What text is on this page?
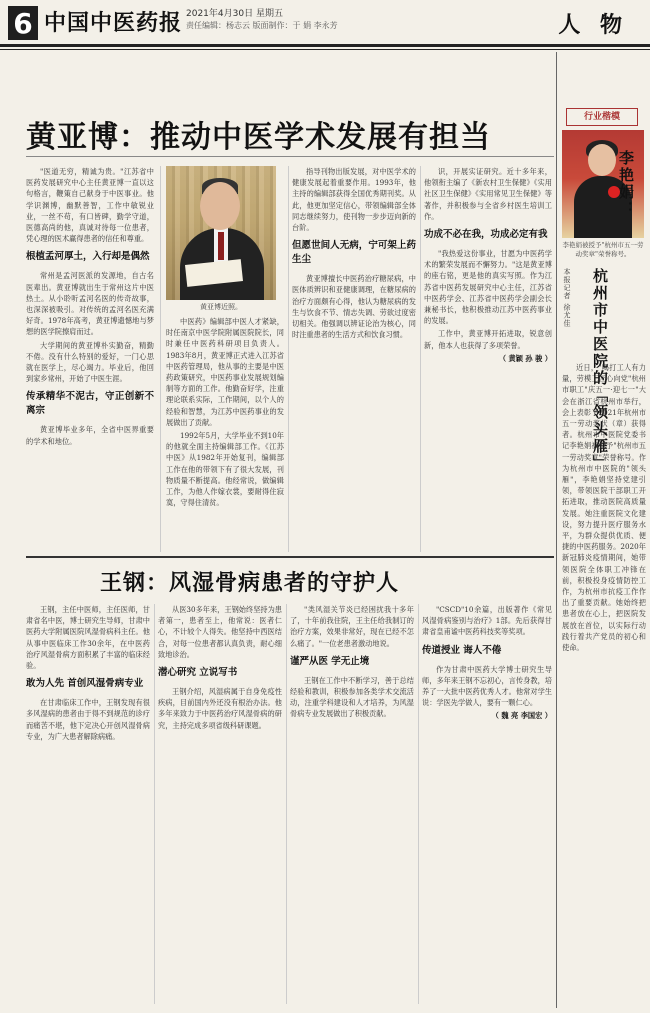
6 中国中医药报 2021年4月30日 星期五
责任编辑：杨志云 版面制作：于 娟 李永芳	人 物
黄亚博：推动中医学术发展有担当

"医道无穷，精诚为贵。"江苏省中医药发展研究中心主任黄亚博一直以这句格言，鞭策自己献身于中医事业。他学识渊博，幽默善智，工作中敏锐业业，一丝不苟，有口皆碑，勤学守道，医德高尚的他，真诚对待每一位患者，凭心理的医术赢得患者的信任和尊重。

根植孟河厚土，入行却是偶然

常州是孟河医派的发源地，自古名医辈出。黄亚博就出生于常州这片中医热土。从小聆听孟河名医的传奇故事，也深深被吸引。对传统的孟河名医充满好奇。1978年高考，黄亚博遗憾地与梦想的医学院擦肩而过。

大学期间的黄亚博朴实勤奋，精勤不倦。没有什么特别的爱好，一门心思就在医学上，尽心竭力。毕业后，他回到家乡常州，开始了中医生涯。

传承精华不泥古，守正创新不离宗

黄亚博毕业多年，全省中医界重要的学术和地位。

黄亚博近照。

中医药》编辑部中医人才紧缺，时任南京中医学院附属医院院长，同时兼任中医药科研项目负责人。1983年8月，黄亚博正式进入江苏省中医药管理局，他从事的主要是中医药政策研究，中医药事业发展规划编制等方面的工作。他勤奋好学，注重理论联系实际，工作期间，以个人的经验和智慧，为江苏中医药事业的发展做出了贡献。

1992年5月，大学毕业不到10年的他就全面主持编辑部工作。《江苏中医》从1982年开始复刊，编辑部工作在他的带领下有了很大发展，刊物质量不断提高。他经常说，做编辑工作，为他人作嫁衣裳，要耐得住寂寞，守得住清贫。

指导刊物出版发展，对中医学术的健康发展起着重要作用。1993年，他主持的编辑部获得全国优秀期刊奖。从此，他更加坚定信心，带领编辑部全体同志继续努力，使刊物一步步迈向新的台阶。

但愿世间人无病，宁可架上药生尘

黄亚博擅长中医药治疗糖尿病，中医体质辨识和亚健康调理，在糖尿病的治疗方面颇有心得，他认为糖尿病的发生与饮食不节、情志失调、劳欲过度密切相关。他强调以辨证论治为核心，同时注重患者的生活方式和饮食习惯。

识，开展实证研究。近十多年来，他领衔主编了《新农村卫生保健》《实用社区卫生保健》《实用常见卫生保健》等著作，并积极参与全省乡村医生培训工作。

功成不必在我，功成必定有我

"我热爱这份事业，甘愿为中医药学术的繁荣发展而不懈努力。"这是黄亚博的座右铭，更是他的真实写照。作为江苏省中医药发展研究中心主任，江苏省中医药学会、江苏省中医药学会副会长兼秘书长，他积极推动江苏中医药事业的发展。

工作中，黄亚博开拓进取，锐意创新，他本人也获得了多项荣誉。

（ 黄颖 孙 骏 ）

王钢：风湿骨病患者的守护人

王钢，主任中医师，主任医师，甘肃省名中医，博士研究生导师，甘肃中医药大学附属医院风湿骨病科主任。他从事中医临床工作30余年，在中医药治疗风湿骨病方面积累了丰富的临床经验。

敢为人先 首创风湿骨病专业

在甘肃临床工作中，王钢发现有很多风湿病的患者由于得不到规范的诊疗而痛苦不堪，他下定决心开创风湿骨病专业，为广大患者解除病痛。

从医30多年来，王钢始终坚持为患者第一，患者至上，他常说：医者仁心，不计较个人得失。他坚持中西医结合，对每一位患者都认真负责，耐心细致地诊治。

潜心研究 立说写书

王钢介绍，风湿病属于自身免疫性疾病，目前国内外还没有根治办法。他多年来致力于中医药治疗风湿骨病的研究，主持完成多项省级科研课题。

"类风湿关节炎已经困扰我十多年了，十年前我住院，王主任给我制订的治疗方案，效果非常好，现在已经不怎么痛了。"一位老患者激动地说。

谨严从医 学无止境

王钢在工作中不断学习，善于总结经验和教训，积极参加各类学术交流活动，注重学科建设和人才培养，为风湿骨病专业发展做出了积极贡献。

"CSCD"10余篇，出版著作《常见风湿骨病鉴别与治疗》1部。先后获得甘肃省皇甫谧中医药科技奖等奖项。

传道授业 诲人不倦

作为甘肃中医药大学博士研究生导师，多年来王钢不忘初心，言传身教，培养了一大批中医药优秀人才。他常对学生说：学医先学做人，要有一颗仁心。

（ 魏 亮 李国宏 ）

行业楷模
李艳娟被授予"杭州市五一劳动奖章"荣誉称号。
李艳娟：
杭州市中医院的「领头雁」
本报记者 徐尤佳

近日，"喝打工人有力量，劳模工匠心向党"杭州市职工"庆五一·迎七一"大会在浙江省杭州市举行，会上表彰了2021年杭州市五一劳动奖状（章）获得者。杭州市中医院党委书记李艳娟被授予"杭州市五一劳动奖章"荣誉称号。作为杭州市中医院的"领头雁"，李艳娟坚持党建引领，带领医院干部职工开拓进取，推动医院高质量发展。她注重医院文化建设，努力提升医疗服务水平，为群众提供优质、便捷的中医药服务。2020年新冠肺炎疫情期间，她带领医院全体职工冲锋在前，积极投身疫情防控工作，为杭州市抗疫工作作出了重要贡献。她始终把患者放在心上，把医院发展放在首位，以实际行动践行着共产党员的初心和使命。
